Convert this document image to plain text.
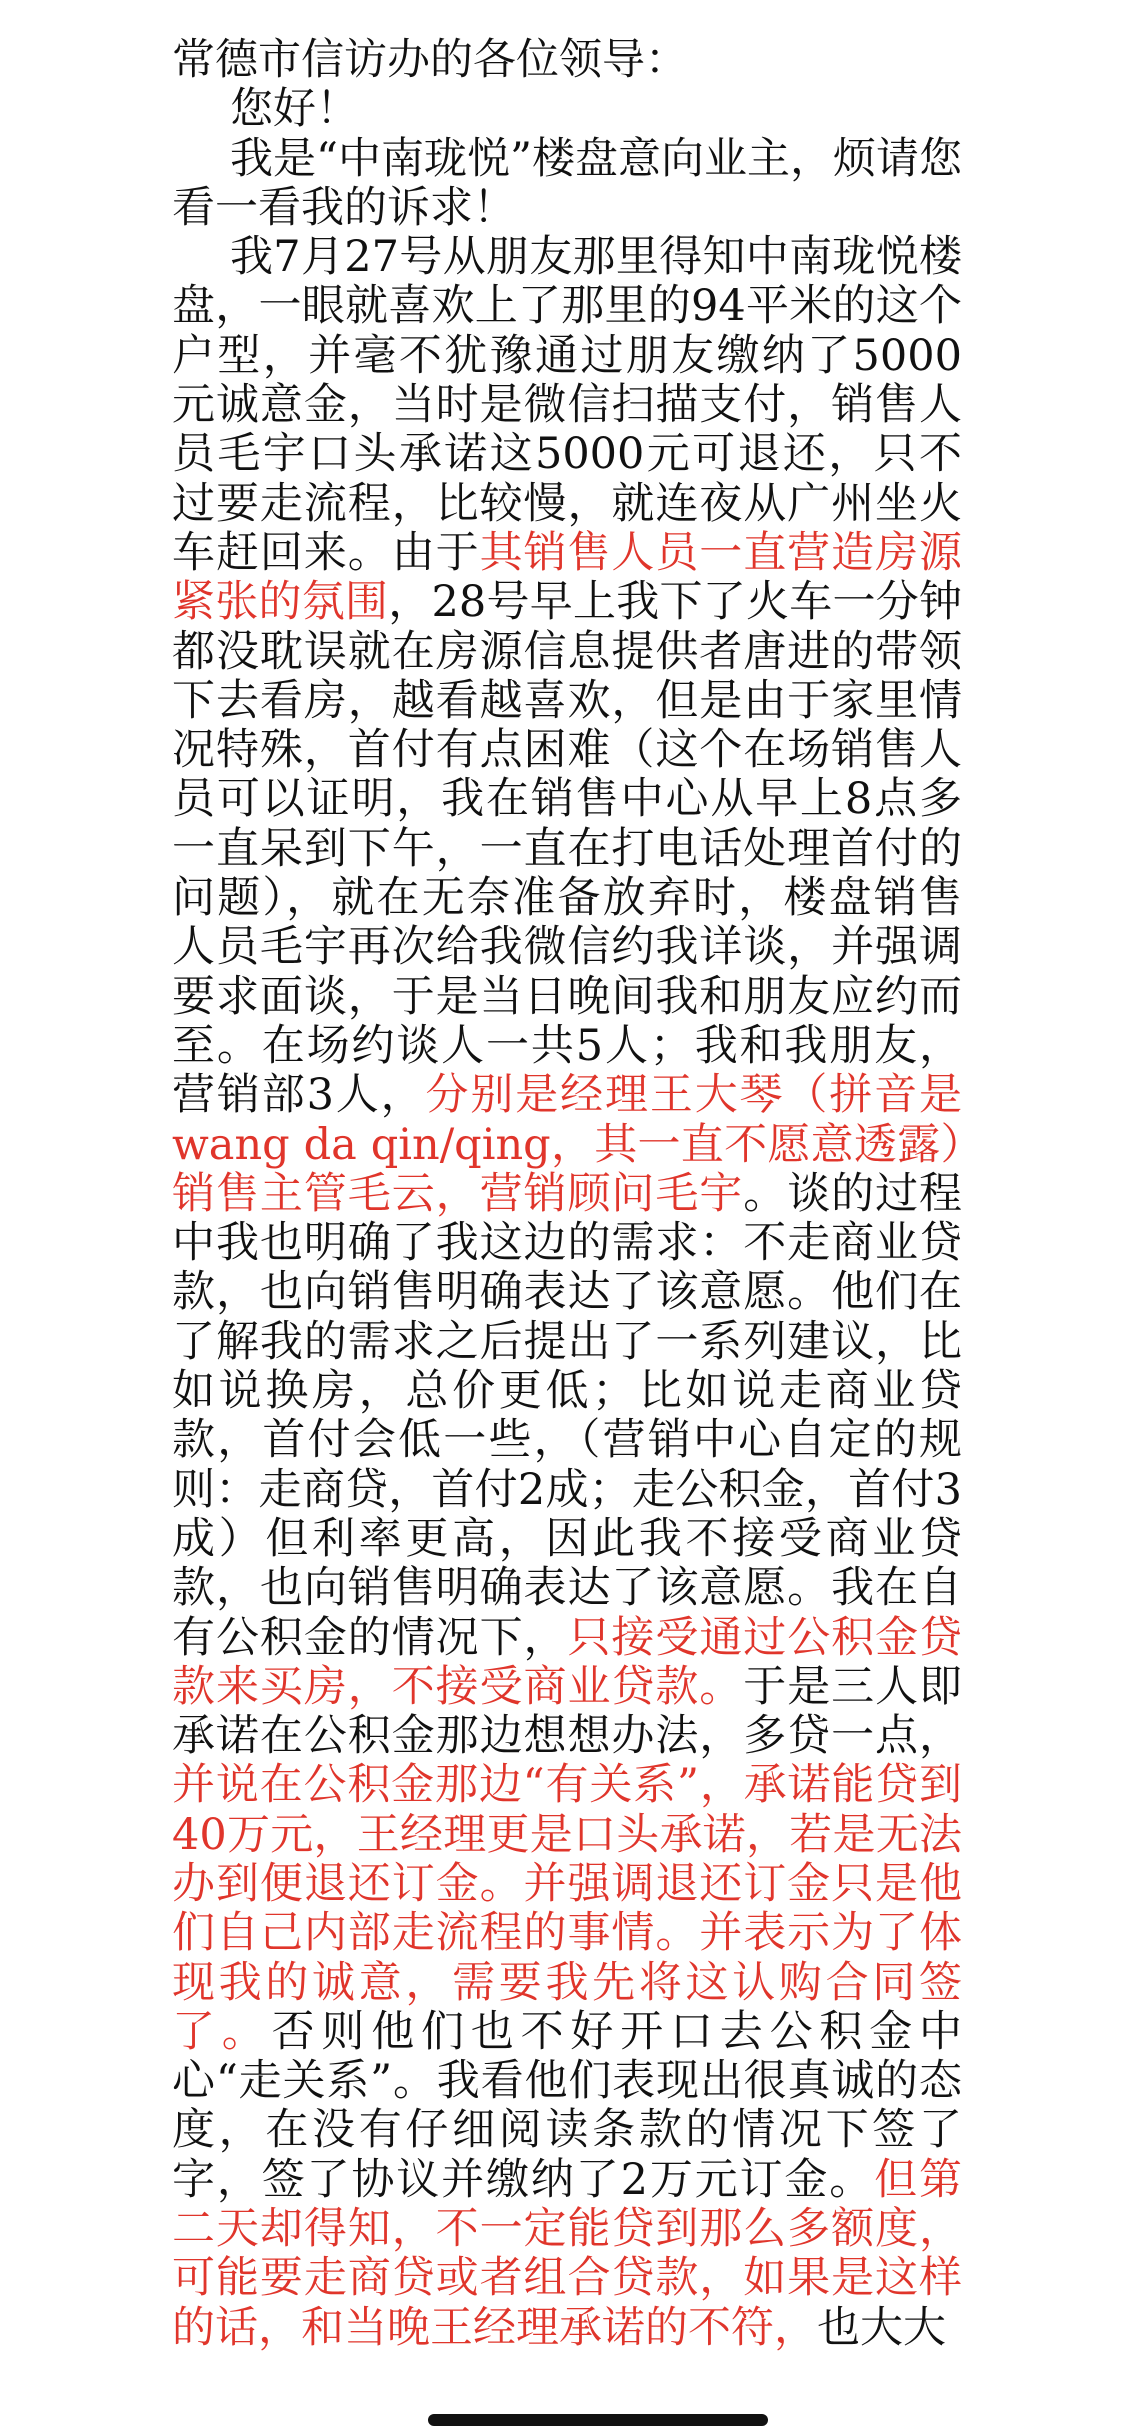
常德市信访办的各位领导：

您好！

我是“中南珑悦”楼盘意向业主，烦请您看一看我的诉求！

我7月27号从朋友那里得知中南珑悦楼盘，一眼就喜欢上了那里的94平米的这个户型，并毫不犹豫通过朋友缴纳了5000元诚意金，当时是微信扫描支付，销售人员毛宇口头承诺这5000元可退还，只不过要走流程，比较慢，就连夜从广州坐火车赶回来。由于其销售人员一直营造房源紧张的氛围，28号早上我下了火车一分钟都没耽误就在房源信息提供者唐进的带领下去看房，越看越喜欢，但是由于家里情况特殊，首付有点困难（这个在场销售人员可以证明，我在销售中心从早上8点多一直呆到下午，一直在打电话处理首付的问题），就在无奈准备放弃时，楼盘销售人员毛宇再次给我微信约我详谈，并强调要求面谈，于是当日晚间我和朋友应约而至。在场约谈人一共5人；我和我朋友，营销部3人，分别是经理王大琴（拼音是wang da qin/qing，其一直不愿意透露）销售主管毛云，营销顾问毛宇。谈的过程中我也明确了我这边的需求：不走商业贷款，也向销售明确表达了该意愿。他们在了解我的需求之后提出了一系列建议，比如说换房，总价更低；比如说走商业贷款，首付会低一些，（营销中心自定的规则：走商贷，首付2成；走公积金，首付3成）但利率更高，因此我不接受商业贷款，也向销售明确表达了该意愿。我在自有公积金的情况下，只接受通过公积金贷款来买房，不接受商业贷款。于是三人即承诺在公积金那边想想办法，多贷一点，并说在公积金那边“有关系”，承诺能贷到40万元，王经理更是口头承诺，若是无法办到便退还订金。并强调退还订金只是他们自己内部走流程的事情。并表示为了体现我的诚意，需要我先将这认购合同签了。否则他们也不好开口去公积金中心“走关系”。我看他们表现出很真诚的态度，在没有仔细阅读条款的情况下签了字，签了协议并缴纳了2万元订金。但第二天却得知，不一定能贷到那么多额度，可能要走商贷或者组合贷款，如果是这样的话，和当晚王经理承诺的不符，也大大
